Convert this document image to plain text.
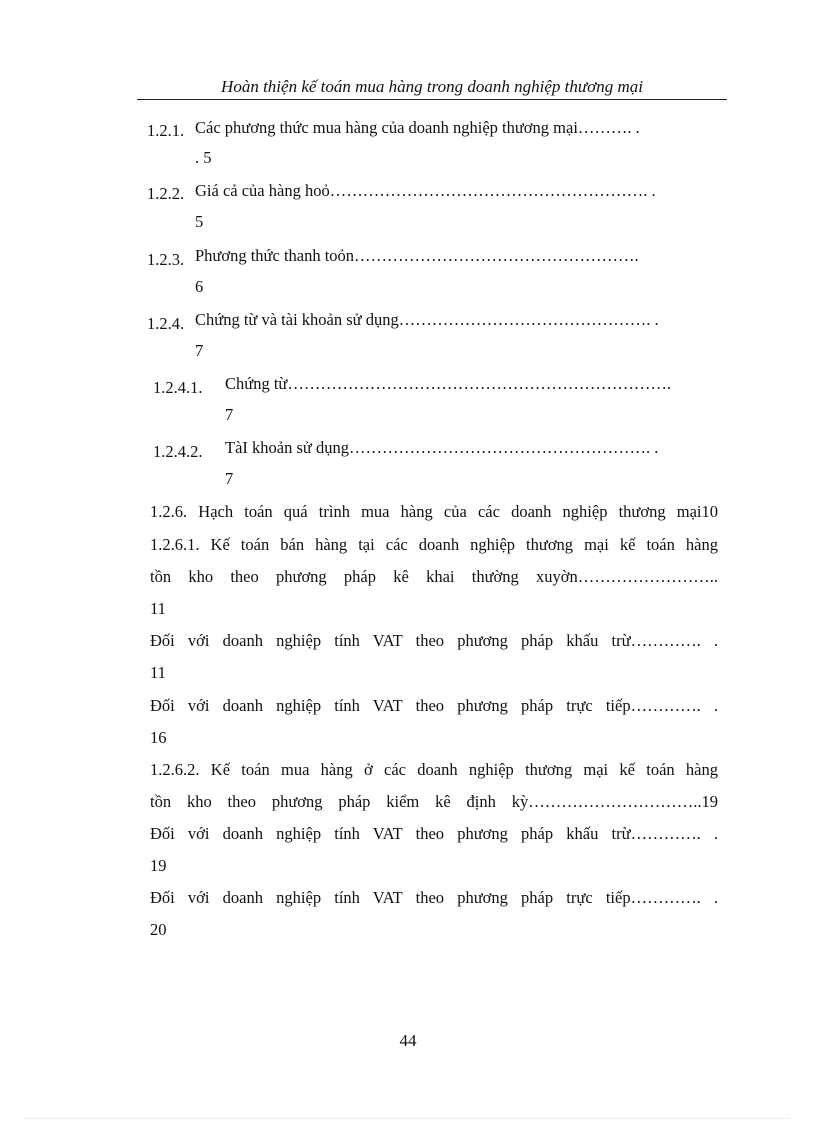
Hoàn thiện kế toán mua hàng trong doanh nghiệp thương mại
1.2.1. Các phương thức mua hàng của doanh nghiệp thương mại………. .
. 5
1.2.2. Giá cả của hàng hoỏ…………………………………………………. .
5
1.2.3. Phương thức thanh toỏn…………………………………………….
6
1.2.4. Chứng từ và tài khoản sử dụng………………………………………. .
7
1.2.4.1. Chứng từ…………………………………………………………….
7
1.2.4.2. TàI khoản sử dụng………………………………………………. .
7
1.2.6. Hạch toán quá trình mua hàng của các doanh nghiệp thương mại10
1.2.6.1. Kế toán bán hàng tại các doanh nghiệp thương mại kế toán hàng
tồn kho theo phương pháp kê khai thường xuyờn……………………..
11
Đối với doanh nghiệp tính VAT theo phương pháp khấu trừ…………. .
11
Đối với doanh nghiệp tính VAT theo phương pháp trực tiếp…………. .
16
1.2.6.2. Kế toán mua hàng ở các doanh nghiệp thương mại kế toán hàng
tồn kho theo phương pháp kiểm kê định kỳ…………………………..19
Đối với doanh nghiệp tính VAT theo phương pháp khấu trừ…………. .
19
Đối với doanh nghiệp tính VAT theo phương pháp trực tiếp…………. .
20
44
